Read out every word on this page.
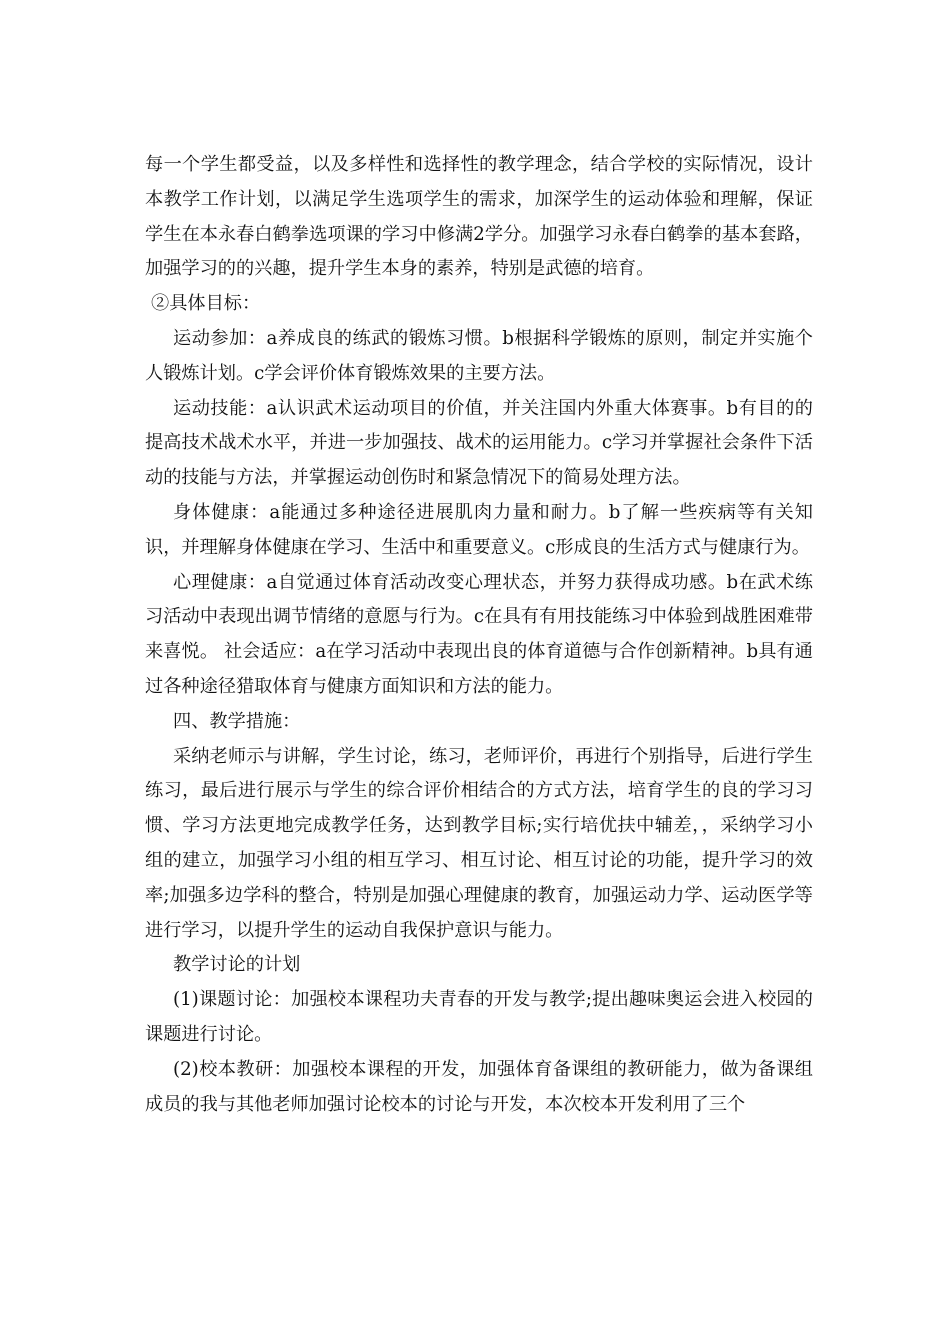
每一个学生都受益，以及多样性和选择性的教学理念，结合学校的实际情况，设计本教学工作计划，以满足学生选项学生的需求，加深学生的运动体验和理解，保证学生在本永春白鹤拳选项课的学习中修满2学分。加强学习永春白鹤拳的基本套路，加强学习的的兴趣，提升学生本身的素养，特别是武德的培育。

②具体目标：

运动参加：a养成良的练武的锻炼习惯。b根据科学锻炼的原则，制定并实施个人锻炼计划。c学会评价体育锻炼效果的主要方法。

运动技能：a认识武术运动项目的价值，并关注国内外重大体赛事。b有目的的提高技术战术水平，并进一步加强技、战术的运用能力。c学习并掌握社会条件下活动的技能与方法，并掌握运动创伤时和紧急情况下的简易处理方法。

身体健康：a能通过多种途径进展肌肉力量和耐力。b了解一些疾病等有关知识，并理解身体健康在学习、生活中和重要意义。c形成良的生活方式与健康行为。

心理健康：a自觉通过体育活动改变心理状态，并努力获得成功感。b在武术练习活动中表现出调节情绪的意愿与行为。c在具有有用技能练习中体验到战胜困难带来喜悦。 社会适应：a在学习活动中表现出良的体育道德与合作创新精神。b具有通过各种途径猎取体育与健康方面知识和方法的能力。

四、教学措施：

采纳老师示与讲解，学生讨论，练习，老师评价，再进行个别指导，后进行学生练习，最后进行展示与学生的综合评价相结合的方式方法，培育学生的良的学习习惯、学习方法更地完成教学任务，达到教学目标;实行培优扶中辅差，，采纳学习小组的建立，加强学习小组的相互学习、相互讨论、相互讨论的功能，提升学习的效率;加强多边学科的整合，特别是加强心理健康的教育，加强运动力学、运动医学等进行学习，以提升学生的运动自我保护意识与能力。

教学讨论的计划

(1)课题讨论：加强校本课程功夫青春的开发与教学;提出趣味奥运会进入校园的课题进行讨论。

(2)校本教研：加强校本课程的开发，加强体育备课组的教研能力，做为备课组成员的我与其他老师加强讨论校本的讨论与开发，本次校本开发利用了三个
